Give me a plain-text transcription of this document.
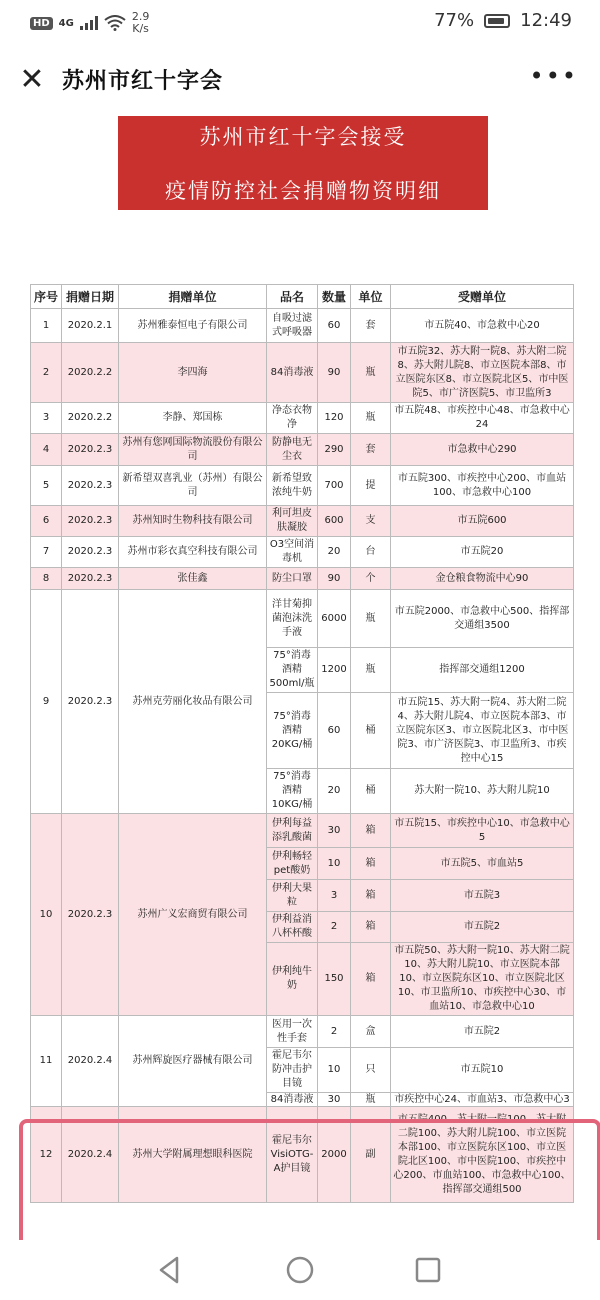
HD 4G	2.9
K/s	77%	12:49
✕ 苏州市红十字会	•••
苏州市红十字会接受
疫情防控社会捐赠物资明细
序号	捐赠日期	捐赠单位	品名	数量	单位	受赠单位
1	2020.2.1	苏州雅泰恒电子有限公司	自吸过滤式呼吸器	60	套	市五院40、市急救中心20
2	2020.2.2	李四海	84消毒液	90	瓶	市五院32、苏大附一院8、苏大附二院8、苏大附儿院8、市立医院本部8、市立医院东区8、市立医院北区5、市中医院5、市广济医院5、市卫监所3
3	2020.2.2	李静、郑国栋	净态衣物净	120	瓶	市五院48、市疾控中心48、市急救中心24
4	2020.2.3	苏州有您网国际物流股份有限公司	防静电无尘衣	290	套	市急救中心290
5	2020.2.3	新希望双喜乳业（苏州）有限公司	新希望致浓纯牛奶	700	提	市五院300、市疾控中心200、市血站100、市急救中心100
6	2020.2.3	苏州知时生物科技有限公司	利可坦皮肤凝胶	600	支	市五院600
7	2020.2.3	苏州市彩衣真空科技有限公司	O3空间消毒机	20	台	市五院20
8	2020.2.3	张佳鑫	防尘口罩	90	个	金仓粮食物流中心90
9	2020.2.3	苏州克劳丽化妆品有限公司	洋甘菊抑菌泡沫洗手液	6000	瓶	市五院2000、市急救中心500、指挥部交通组3500
			75°消毒酒精500ml/瓶	1200	瓶	指挥部交通组1200
			75°消毒酒精20KG/桶	60	桶	市五院15、苏大附一院4、苏大附二院4、苏大附儿院4、市立医院本部3、市立医院东区3、市立医院北区3、市中医院3、市广济医院3、市卫监所3、市疾控中心15
			75°消毒酒精10KG/桶	20	桶	苏大附一院10、苏大附儿院10
10	2020.2.3	苏州广义宏商贸有限公司	伊利每益添乳酸菌	30	箱	市五院15、市疾控中心10、市急救中心5
			伊利畅轻pet酸奶	10	箱	市五院5、市血站5
			伊利大果粒	3	箱	市五院3
			伊利益消八杯杯酸	2	箱	市五院2
			伊利纯牛奶	150	箱	市五院50、苏大附一院10、苏大附二院10、苏大附儿院10、市立医院本部10、市立医院东区10、市立医院北区10、市卫监所10、市疾控中心30、市血站10、市急救中心10
11	2020.2.4	苏州辉旋医疗器械有限公司	医用一次性手套	2	盒	市五院2
			霍尼韦尔防冲击护目镜	10	只	市五院10
			84消毒液	30	瓶	市疾控中心24、市血站3、市急救中心3
12	2020.2.4	苏州大学附属理想眼科医院	霍尼韦尔VisiOTG-A护目镜	2000	副	市五院400、苏大附一院100、苏大附二院100、苏大附儿院100、市立医院本部100、市立医院东区100、市立医院北区100、市中医院100、市疾控中心200、市血站100、市急救中心100、指挥部交通组500
